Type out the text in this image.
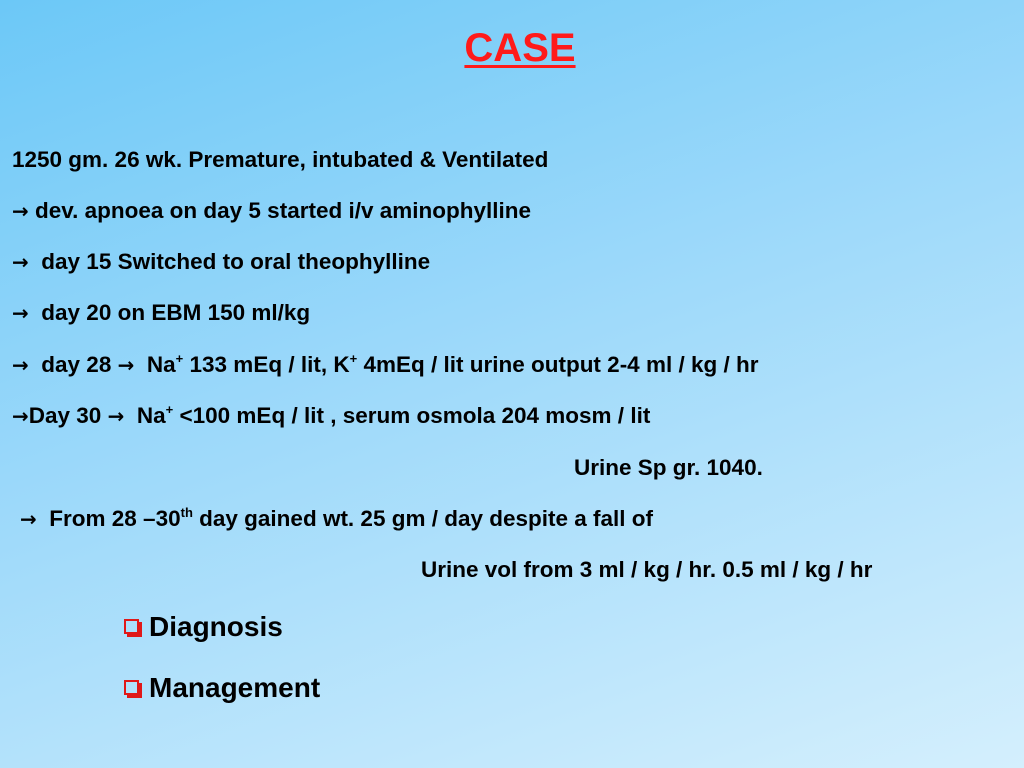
CASE
1250 gm. 26 wk. Premature, intubated & Ventilated
→ dev. apnoea on day 5 started i/v aminophylline
→ day 15 Switched to oral theophylline
→ day 20 on EBM 150 ml/kg
→ day 28 → Na+ 133 mEq / lit, K+ 4mEq / lit urine output 2-4 ml / kg / hr
→Day 30 → Na+ <100 mEq / lit , serum osmola 204 mosm / lit
Urine Sp gr. 1040.
→ From 28 –30th day gained wt. 25 gm / day despite a fall of
Urine vol from 3 ml / kg / hr. 0.5 ml / kg / hr
Diagnosis
Management
